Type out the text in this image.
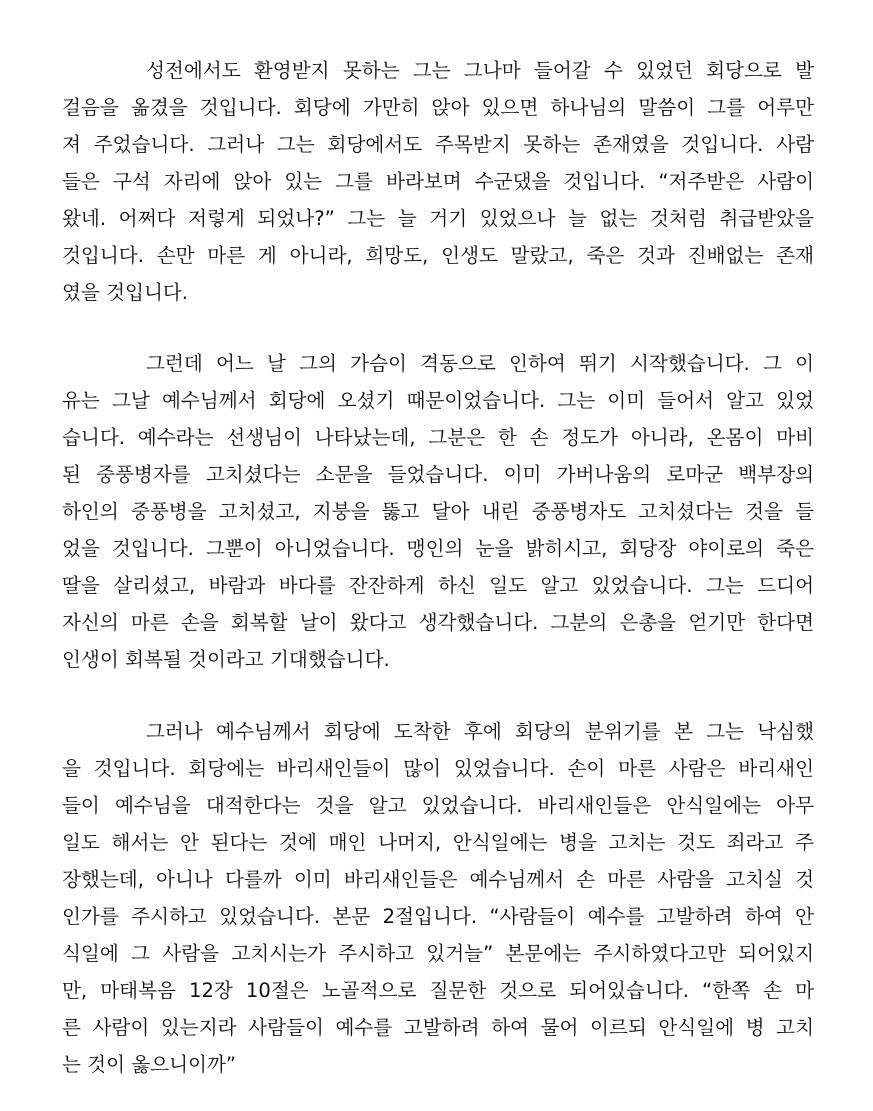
성전에서도 환영받지 못하는 그는 그나마 들어갈 수 있었던 회당으로 발
걸음을 옮겼을 것입니다. 회당에 가만히 앉아 있으면 하나님의 말씀이 그를 어루만
져 주었습니다. 그러나 그는 회당에서도 주목받지 못하는 존재였을 것입니다. 사람
들은 구석 자리에 앉아 있는 그를 바라보며 수군댔을 것입니다. “저주받은 사람이
왔네. 어쩌다 저렇게 되었나?” 그는 늘 거기 있었으나 늘 없는 것처럼 취급받았을
것입니다. 손만 마른 게 아니라, 희망도, 인생도 말랐고, 죽은 것과 진배없는 존재
였을 것입니다.
그런데 어느 날 그의 가슴이 격동으로 인하여 뛰기 시작했습니다. 그 이
유는 그날 예수님께서 회당에 오셨기 때문이었습니다. 그는 이미 들어서 알고 있었
습니다. 예수라는 선생님이 나타났는데, 그분은 한 손 정도가 아니라, 온몸이 마비
된 중풍병자를 고치셨다는 소문을 들었습니다. 이미 가버나움의 로마군 백부장의
하인의 중풍병을 고치셨고, 지붕을 뚫고 달아 내린 중풍병자도 고치셨다는 것을 들
었을 것입니다. 그뿐이 아니었습니다. 맹인의 눈을 밝히시고, 회당장 야이로의 죽은
딸을 살리셨고, 바람과 바다를 잔잔하게 하신 일도 알고 있었습니다. 그는 드디어
자신의 마른 손을 회복할 날이 왔다고 생각했습니다. 그분의 은총을 얻기만 한다면
인생이 회복될 것이라고 기대했습니다.
그러나 예수님께서 회당에 도착한 후에 회당의 분위기를 본 그는 낙심했
을 것입니다. 회당에는 바리새인들이 많이 있었습니다. 손이 마른 사람은 바리새인
들이 예수님을 대적한다는 것을 알고 있었습니다. 바리새인들은 안식일에는 아무
일도 해서는 안 된다는 것에 매인 나머지, 안식일에는 병을 고치는 것도 죄라고 주
장했는데, 아니나 다를까 이미 바리새인들은 예수님께서 손 마른 사람을 고치실 것
인가를 주시하고 있었습니다. 본문 2절입니다. “사람들이 예수를 고발하려 하여 안
식일에 그 사람을 고치시는가 주시하고 있거늘” 본문에는 주시하였다고만 되어있지
만, 마태복음 12장 10절은 노골적으로 질문한 것으로 되어있습니다. “한쪽 손 마
른 사람이 있는지라 사람들이 예수를 고발하려 하여 물어 이르되 안식일에 병 고치
는 것이 옳으니이까”
